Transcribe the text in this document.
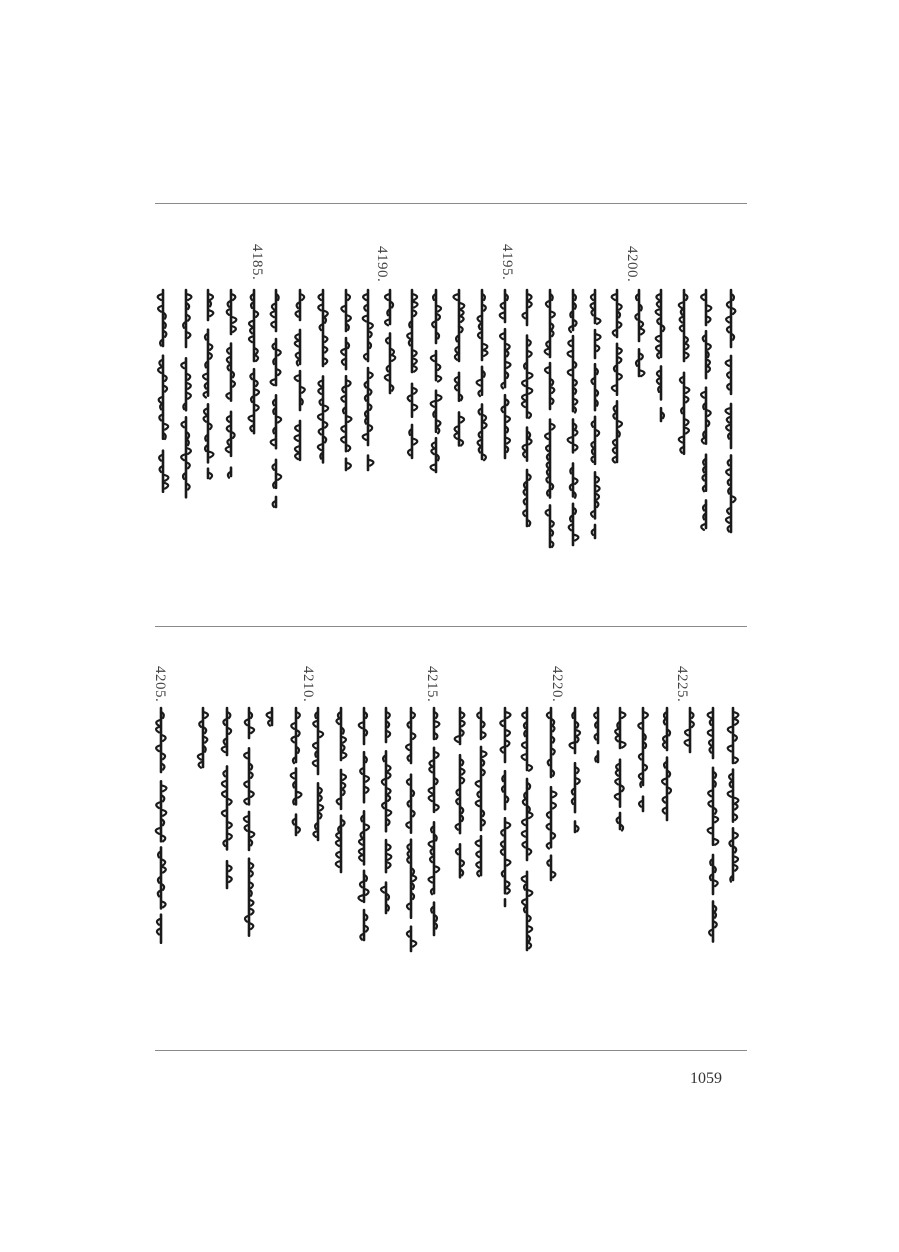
4200.
4195.
4190.
4185.
4225.
4220.
4215.
4210.
4205.
1059
